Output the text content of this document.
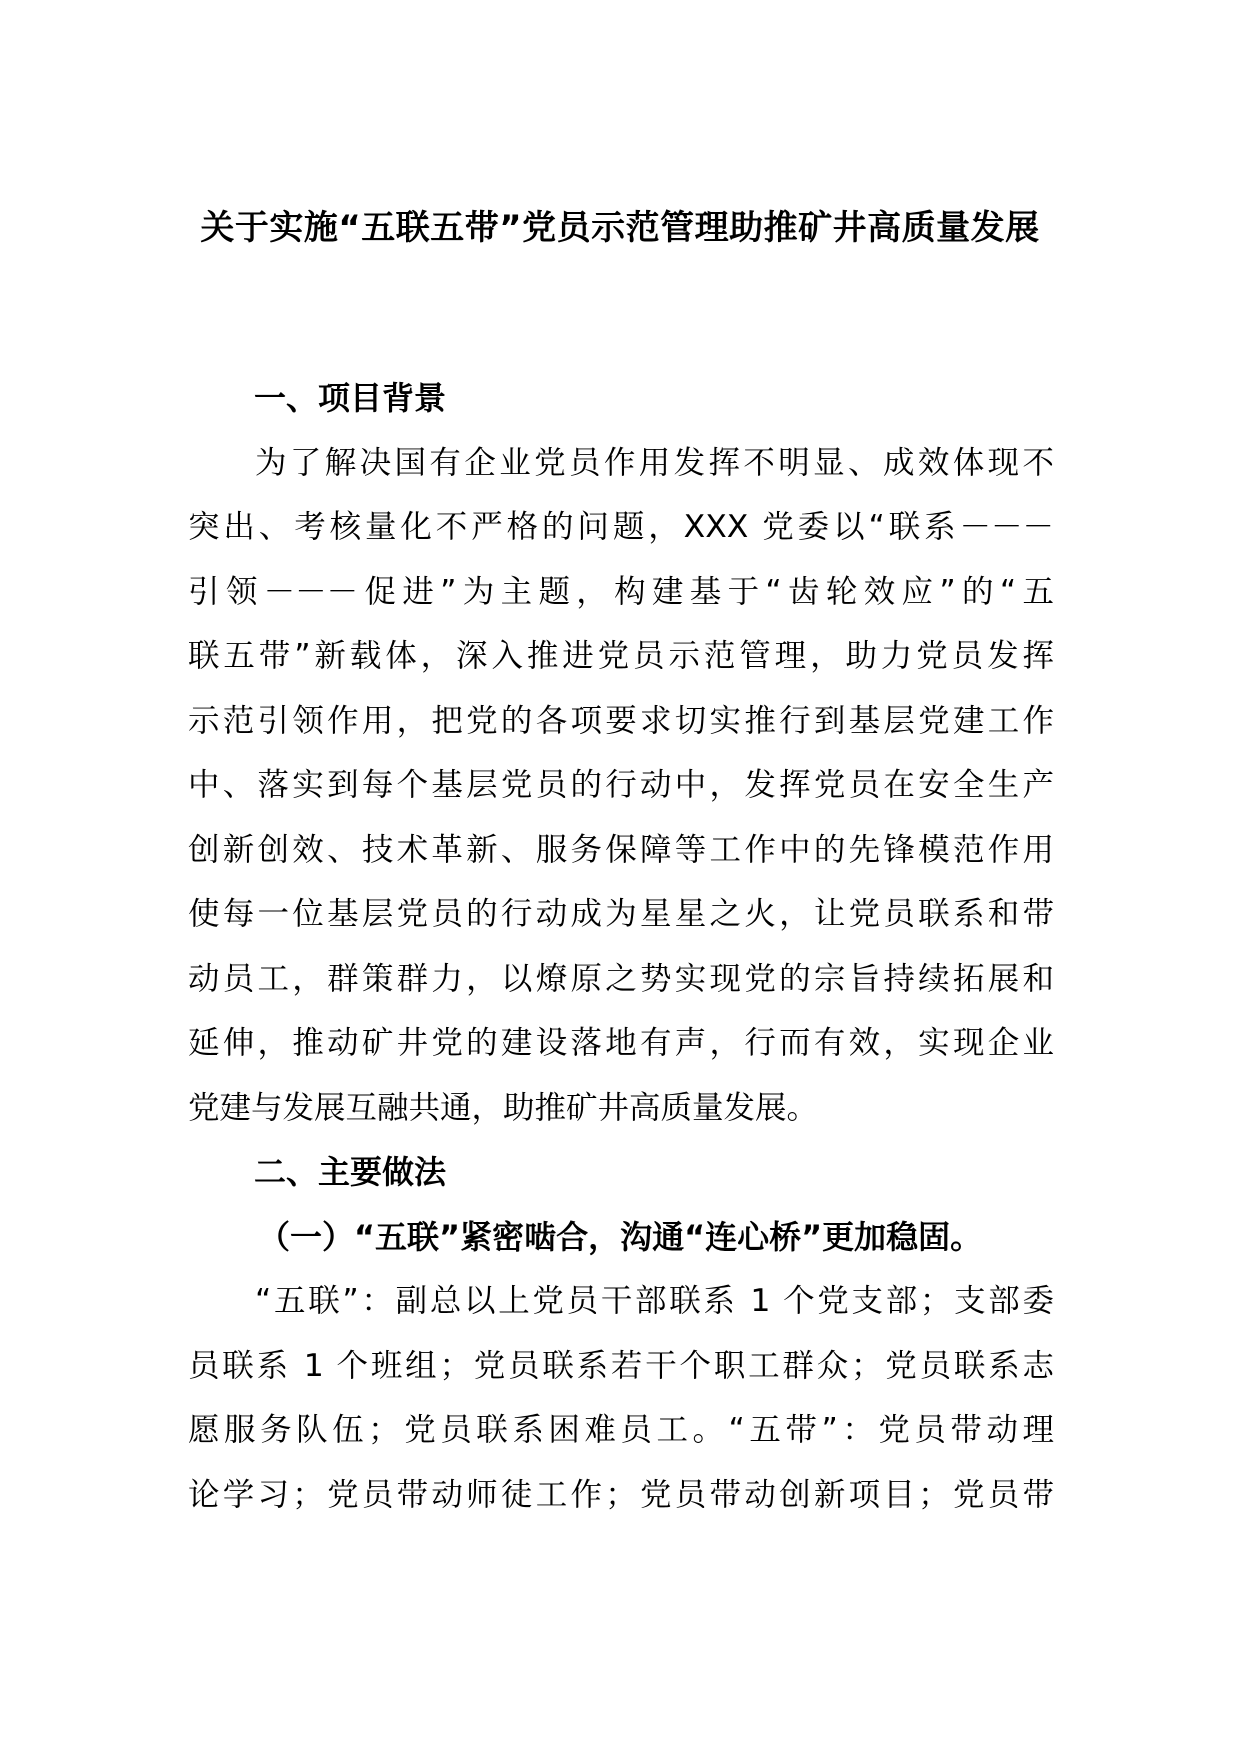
关于实施“五联五带”党员示范管理助推矿井高质量发展
一、项目背景

为了解决国有企业党员作用发挥不明显、成效体现不
突出、考核量化不严格的问题，XXX 党委以“联系－－－
引领－－－促进”为主题，构建基于“齿轮效应”的“五
联五带”新载体，深入推进党员示范管理，助力党员发挥
示范引领作用，把党的各项要求切实推行到基层党建工作
中、落实到每个基层党员的行动中，发挥党员在安全生产
创新创效、技术革新、服务保障等工作中的先锋模范作用
使每一位基层党员的行动成为星星之火，让党员联系和带
动员工，群策群力，以燎原之势实现党的宗旨持续拓展和
延伸，推动矿井党的建设落地有声，行而有效，实现企业
党建与发展互融共通，助推矿井高质量发展。

二、主要做法
（一）“五联”紧密啮合，沟通“连心桥”更加稳固。

“五联”：副总以上党员干部联系 1 个党支部；支部委
员联系 1 个班组；党员联系若干个职工群众；党员联系志
愿服务队伍；党员联系困难员工。“五带”：党员带动理
论学习；党员带动师徒工作；党员带动创新项目；党员带
